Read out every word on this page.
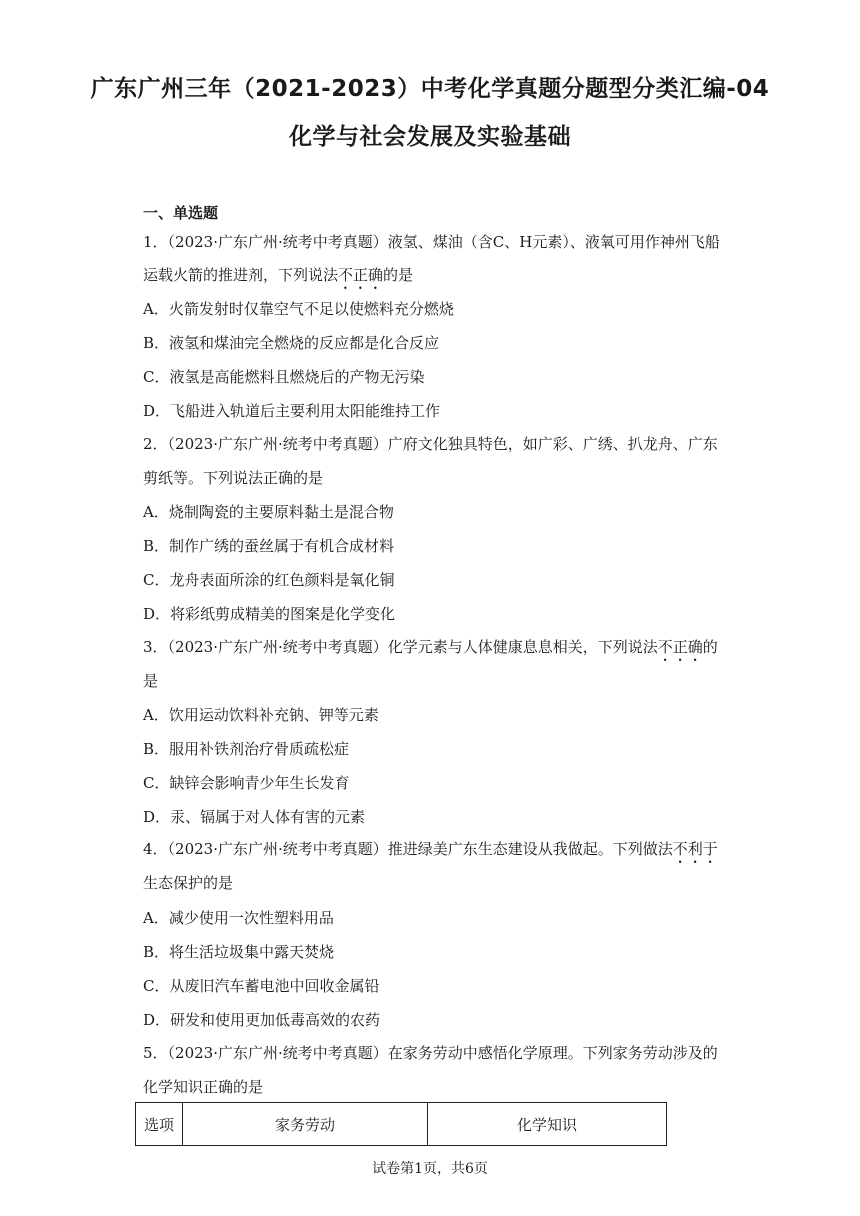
广东广州三年（2021-2023）中考化学真题分题型分类汇编-04
化学与社会发展及实验基础
一、单选题
1．（2023·广东广州·统考中考真题）液氢、煤油（含C、H元素）、液氧可用作神州飞船
运载火箭的推进剂，下列说法不正确的是
A．火箭发射时仅靠空气不足以使燃料充分燃烧
B．液氢和煤油完全燃烧的反应都是化合反应
C．液氢是高能燃料且燃烧后的产物无污染
D．飞船进入轨道后主要利用太阳能维持工作
2．（2023·广东广州·统考中考真题）广府文化独具特色，如广彩、广绣、扒龙舟、广东
剪纸等。下列说法正确的是
A．烧制陶瓷的主要原料黏土是混合物
B．制作广绣的蚕丝属于有机合成材料
C．龙舟表面所涂的红色颜料是氧化铜
D．将彩纸剪成精美的图案是化学变化
3．（2023·广东广州·统考中考真题）化学元素与人体健康息息相关，下列说法不正确的
是
A．饮用运动饮料补充钠、钾等元素
B．服用补铁剂治疗骨质疏松症
C．缺锌会影响青少年生长发育
D．汞、镉属于对人体有害的元素
4．（2023·广东广州·统考中考真题）推进绿美广东生态建设从我做起。下列做法不利于
生态保护的是
A．减少使用一次性塑料用品
B．将生活垃圾集中露天焚烧
C．从废旧汽车蓄电池中回收金属铅
D．研发和使用更加低毒高效的农药
5．（2023·广东广州·统考中考真题）在家务劳动中感悟化学原理。下列家务劳动涉及的
化学知识正确的是
选项	家务劳动	化学知识
试卷第1页，共6页
